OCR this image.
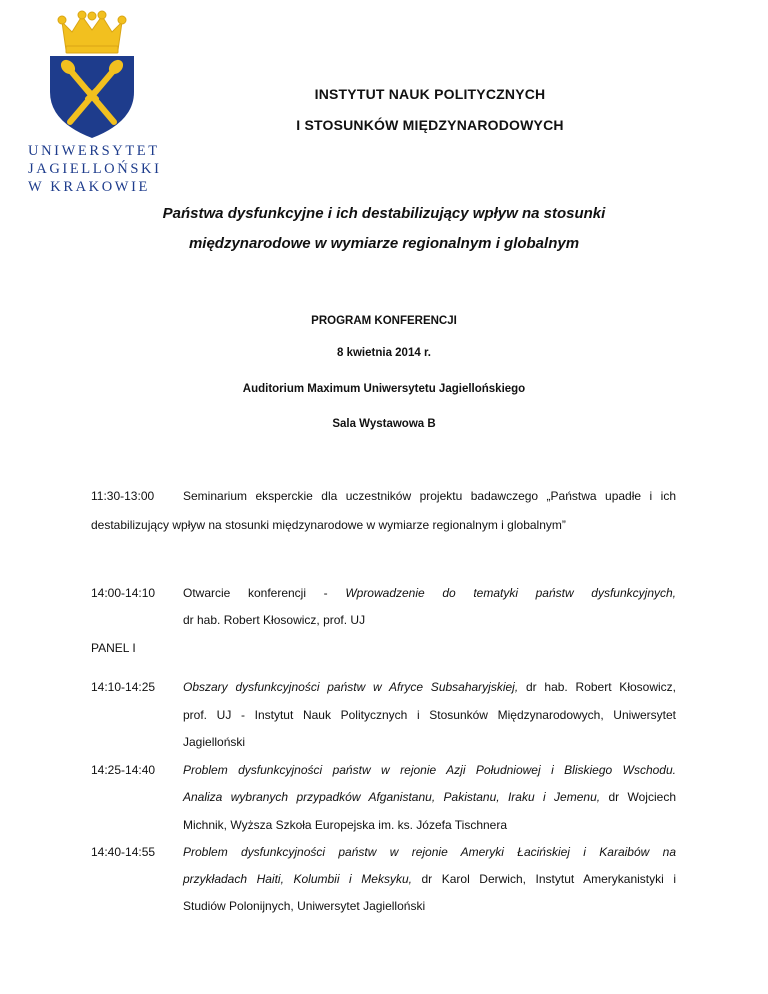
UNIWERSYTET
JAGIELLOŃSKI
W KRAKOWIE
INSTYTUT NAUK POLITYCZNYCH
I STOSUNKÓW MIĘDZYNARODOWYCH
Państwa dysfunkcyjne i ich destabilizujący wpływ na stosunki
międzynarodowe w wymiarze regionalnym i globalnym
PROGRAM KONFERENCJI
8 kwietnia 2014 r.
Auditorium Maximum Uniwersytetu Jagiellońskiego
Sala Wystawowa B
11:30-13:00 Seminarium eksperckie dla uczestników projektu badawczego „Państwa upadłe i ich
destabilizujący wpływ na stosunki międzynarodowe w wymiarze regionalnym i globalnym”
14:00-14:10 Otwarcie konferencji - Wprowadzenie do tematyki państw dysfunkcyjnych,
dr hab. Robert Kłosowicz, prof. UJ
PANEL I
14:10-14:25 Obszary dysfunkcyjności państw w Afryce Subsaharyjskiej, dr hab. Robert Kłosowicz,
prof. UJ - Instytut Nauk Politycznych i Stosunków Międzynarodowych, Uniwersytet
Jagielloński
14:25-14:40 Problem dysfunkcyjności państw w rejonie Azji Południowej i Bliskiego Wschodu.
Analiza wybranych przypadków Afganistanu, Pakistanu, Iraku i Jemenu, dr Wojciech
Michnik, Wyższa Szkoła Europejska im. ks. Józefa Tischnera
14:40-14:55 Problem dysfunkcyjności państw w rejonie Ameryki Łacińskiej i Karaibów na
przykładach Haiti, Kolumbii i Meksyku, dr Karol Derwich, Instytut Amerykanistyki i
Studiów Polonijnych, Uniwersytet Jagielloński
